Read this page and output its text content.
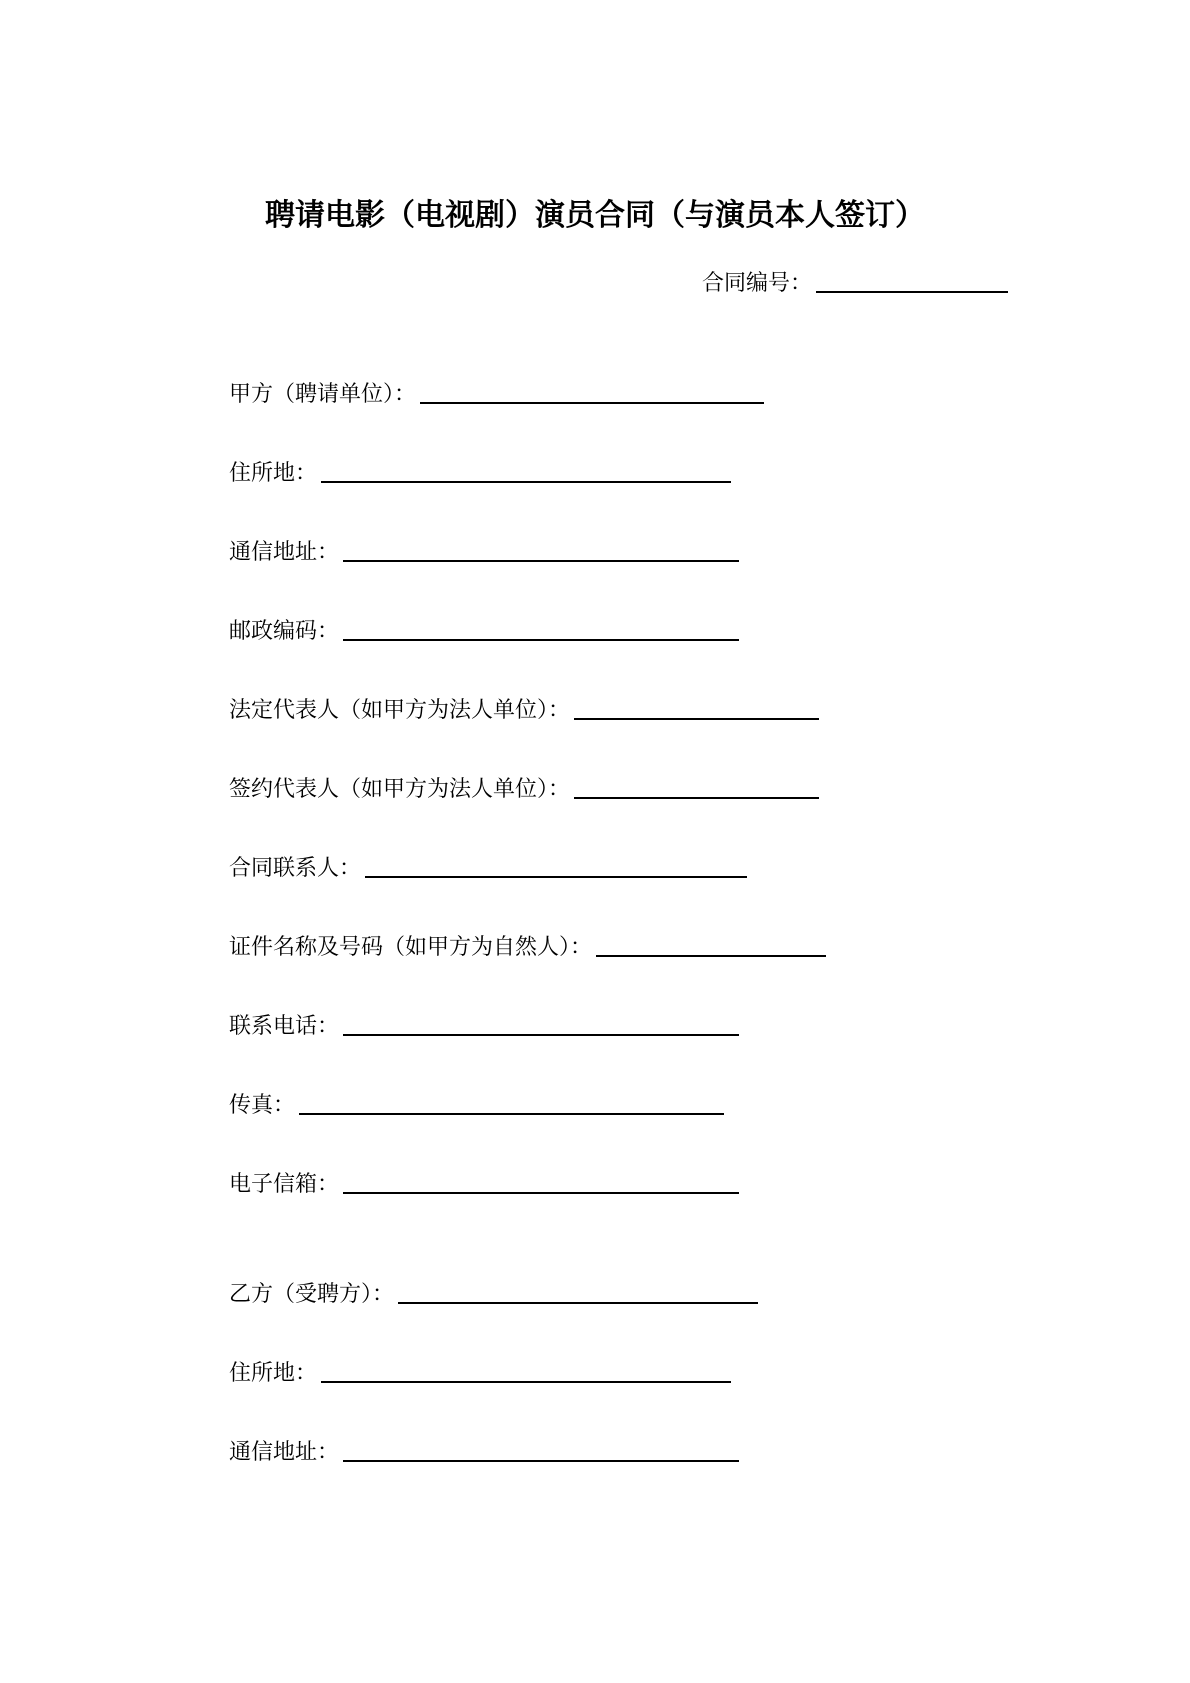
聘请电影（电视剧）演员合同（与演员本人签订）
合同编号：
甲方（聘请单位）：
住所地：
通信地址：
邮政编码：
法定代表人（如甲方为法人单位）：
签约代表人（如甲方为法人单位）：
合同联系人：
证件名称及号码（如甲方为自然人）：
联系电话：
传真：
电子信箱：
乙方（受聘方）：
住所地：
通信地址：
